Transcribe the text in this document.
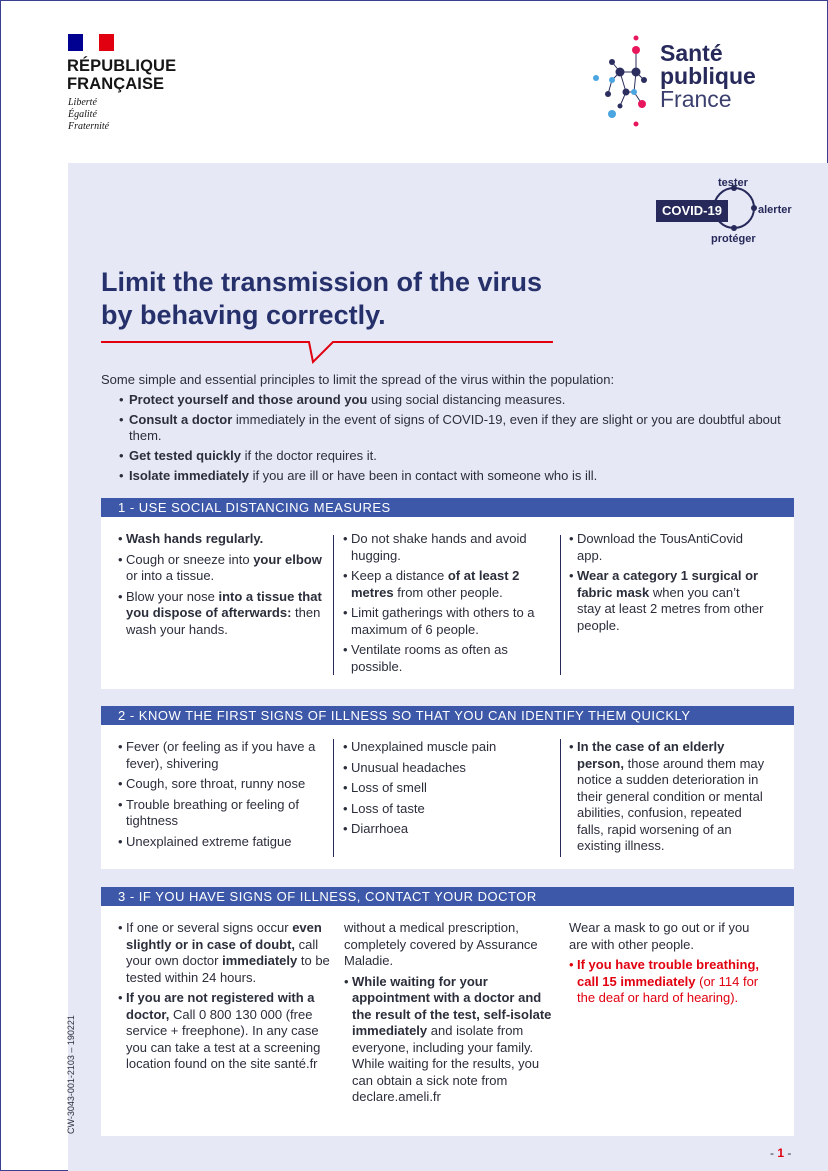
RÉPUBLIQUE
FRANÇAISE
Liberté
Égalité
Fraternité
Santé
publique
France
COVID-19
tester
alerter
protéger
Limit the transmission of the virus
by behaving correctly.
Some simple and essential principles to limit the spread of the virus within the population:
• Protect yourself and those around you using social distancing measures.
• Consult a doctor immediately in the event of signs of COVID-19, even if they are slight or you are doubtful about them.
• Get tested quickly if the doctor requires it.
• Isolate immediately if you are ill or have been in contact with someone who is ill.
1 - USE SOCIAL DISTANCING MEASURES
• Wash hands regularly.
• Cough or sneeze into your elbow or into a tissue.
• Blow your nose into a tissue that you dispose of afterwards: then wash your hands.
• Do not shake hands and avoid hugging.
• Keep a distance of at least 2 metres from other people.
• Limit gatherings with others to a maximum of 6 people.
• Ventilate rooms as often as possible.
• Download the TousAntiCovid app.
• Wear a category 1 surgical or fabric mask when you can’t stay at least 2 metres from other people.
2 - KNOW THE FIRST SIGNS OF ILLNESS SO THAT YOU CAN IDENTIFY THEM QUICKLY
• Fever (or feeling as if you have a fever), shivering
• Cough, sore throat, runny nose
• Trouble breathing or feeling of tightness
• Unexplained extreme fatigue
• Unexplained muscle pain
• Unusual headaches
• Loss of smell
• Loss of taste
• Diarrhoea
• In the case of an elderly person, those around them may notice a sudden deterioration in their general condition or mental abilities, confusion, repeated falls, rapid worsening of an existing illness.
3 - IF YOU HAVE SIGNS OF ILLNESS, CONTACT YOUR DOCTOR
• If one or several signs occur even slightly or in case of doubt, call your own doctor immediately to be tested within 24 hours.
• If you are not registered with a doctor, Call 0 800 130 000 (free service + freephone). In any case you can take a test at a screening location found on the site santé.fr
without a medical prescription, completely covered by Assurance Maladie.
• While waiting for your appointment with a doctor and the result of the test, self-isolate immediately and isolate from everyone, including your family. While waiting for the results, you can obtain a sick note from declare.ameli.fr
Wear a mask to go out or if you are with other people.
• If you have trouble breathing, call 15 immediately (or 114 for the deaf or hard of hearing).
CW-3043-001-2103 – 190221
- 1 -
